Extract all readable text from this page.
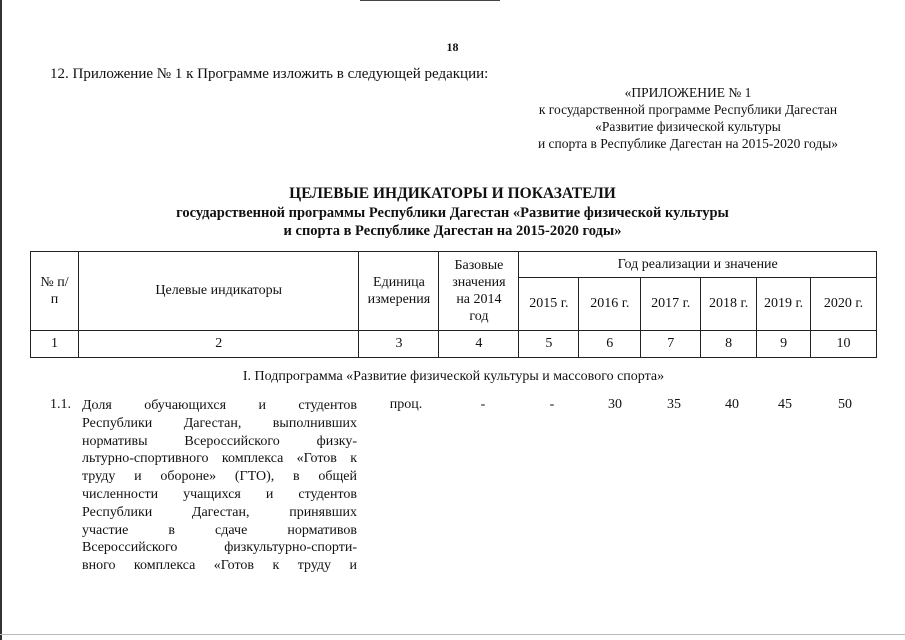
18
12. Приложение № 1 к Программе изложить в следующей редакции:
«ПРИЛОЖЕНИЕ № 1
к государственной программе Республики Дагестан
«Развитие физической культуры
и спорта в Республике Дагестан на 2015-2020 годы»
ЦЕЛЕВЫЕ ИНДИКАТОРЫ И ПОКАЗАТЕЛИ
государственной программы Республики Дагестан «Развитие физической культуры
и спорта в Республике Дагестан на 2015-2020 годы»
№ п/п	Целевые индикаторы	Единица измерения	Базовые значения на 2014 год	Год реализации и значение					
				2015 г.	2016 г.	2017 г.	2018 г.	2019 г.	2020 г.
1	2	3	4	5	6	7	8	9	10
I. Подпрограмма «Развитие физической культуры и массового спорта»
1.1. Доля обучающихся и студентов
Республики Дагестан, выполнивших
нормативы Всероссийского физку-
льтурно-спортивного комплекса «Готов к
труду и обороне» (ГТО), в общей
численности учащихся и студентов
Республики Дагестан, принявших
участие в сдаче нормативов
Всероссийского физкультурно-спорти-
вного комплекса «Готов к труду и
проц.	-	-	30	35	40	45	50
